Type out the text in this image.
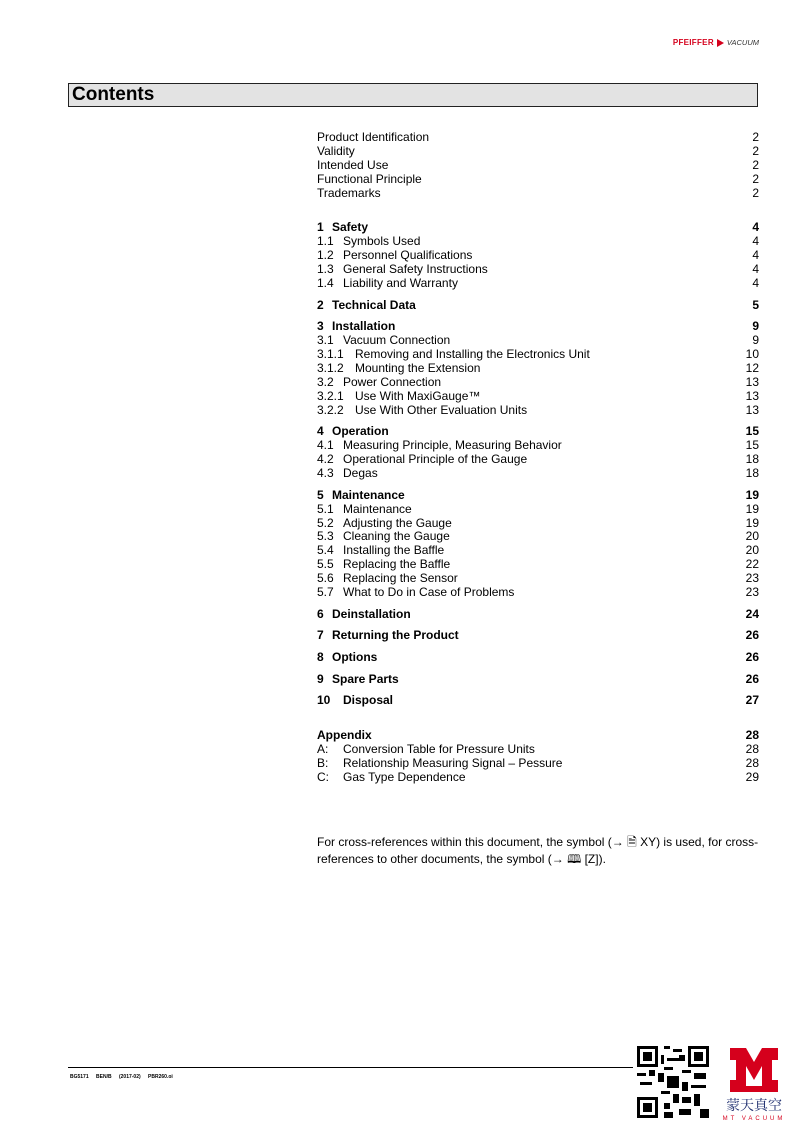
PFEIFFER VACUUM
Contents
Product Identification	2
Validity	2
Intended Use	2
Functional Principle	2
Trademarks	2
1 Safety	4
1.1 Symbols Used	4
1.2 Personnel Qualifications	4
1.3 General Safety Instructions	4
1.4 Liability and Warranty	4
2 Technical Data	5
3 Installation	9
3.1 Vacuum Connection	9
3.1.1 Removing and Installing the Electronics Unit	10
3.1.2 Mounting the Extension	12
3.2 Power Connection	13
3.2.1 Use With MaxiGauge™	13
3.2.2 Use With Other Evaluation Units	13
4 Operation	15
4.1 Measuring Principle, Measuring Behavior	15
4.2 Operational Principle of the Gauge	18
4.3 Degas	18
5 Maintenance	19
5.1 Maintenance	19
5.2 Adjusting the Gauge	19
5.3 Cleaning the Gauge	20
5.4 Installing the Baffle	20
5.5 Replacing the Baffle	22
5.6 Replacing the Sensor	23
5.7 What to Do in Case of Problems	23
6 Deinstallation	24
7 Returning the Product	26
8 Options	26
9 Spare Parts	26
10	Disposal	27
Appendix	28
A:	Conversion Table for Pressure Units	28
B:	Relationship Measuring Signal – Pessure	28
C:	Gas Type Dependence	29
For cross-references within this document, the symbol (→ 🗎 XY) is used, for cross-
references to other documents, the symbol (→ 🕮 [Z]).
BG5171 BEN/B (2017-02) PBR260.oi
蒙天真空
MT VACUUM
